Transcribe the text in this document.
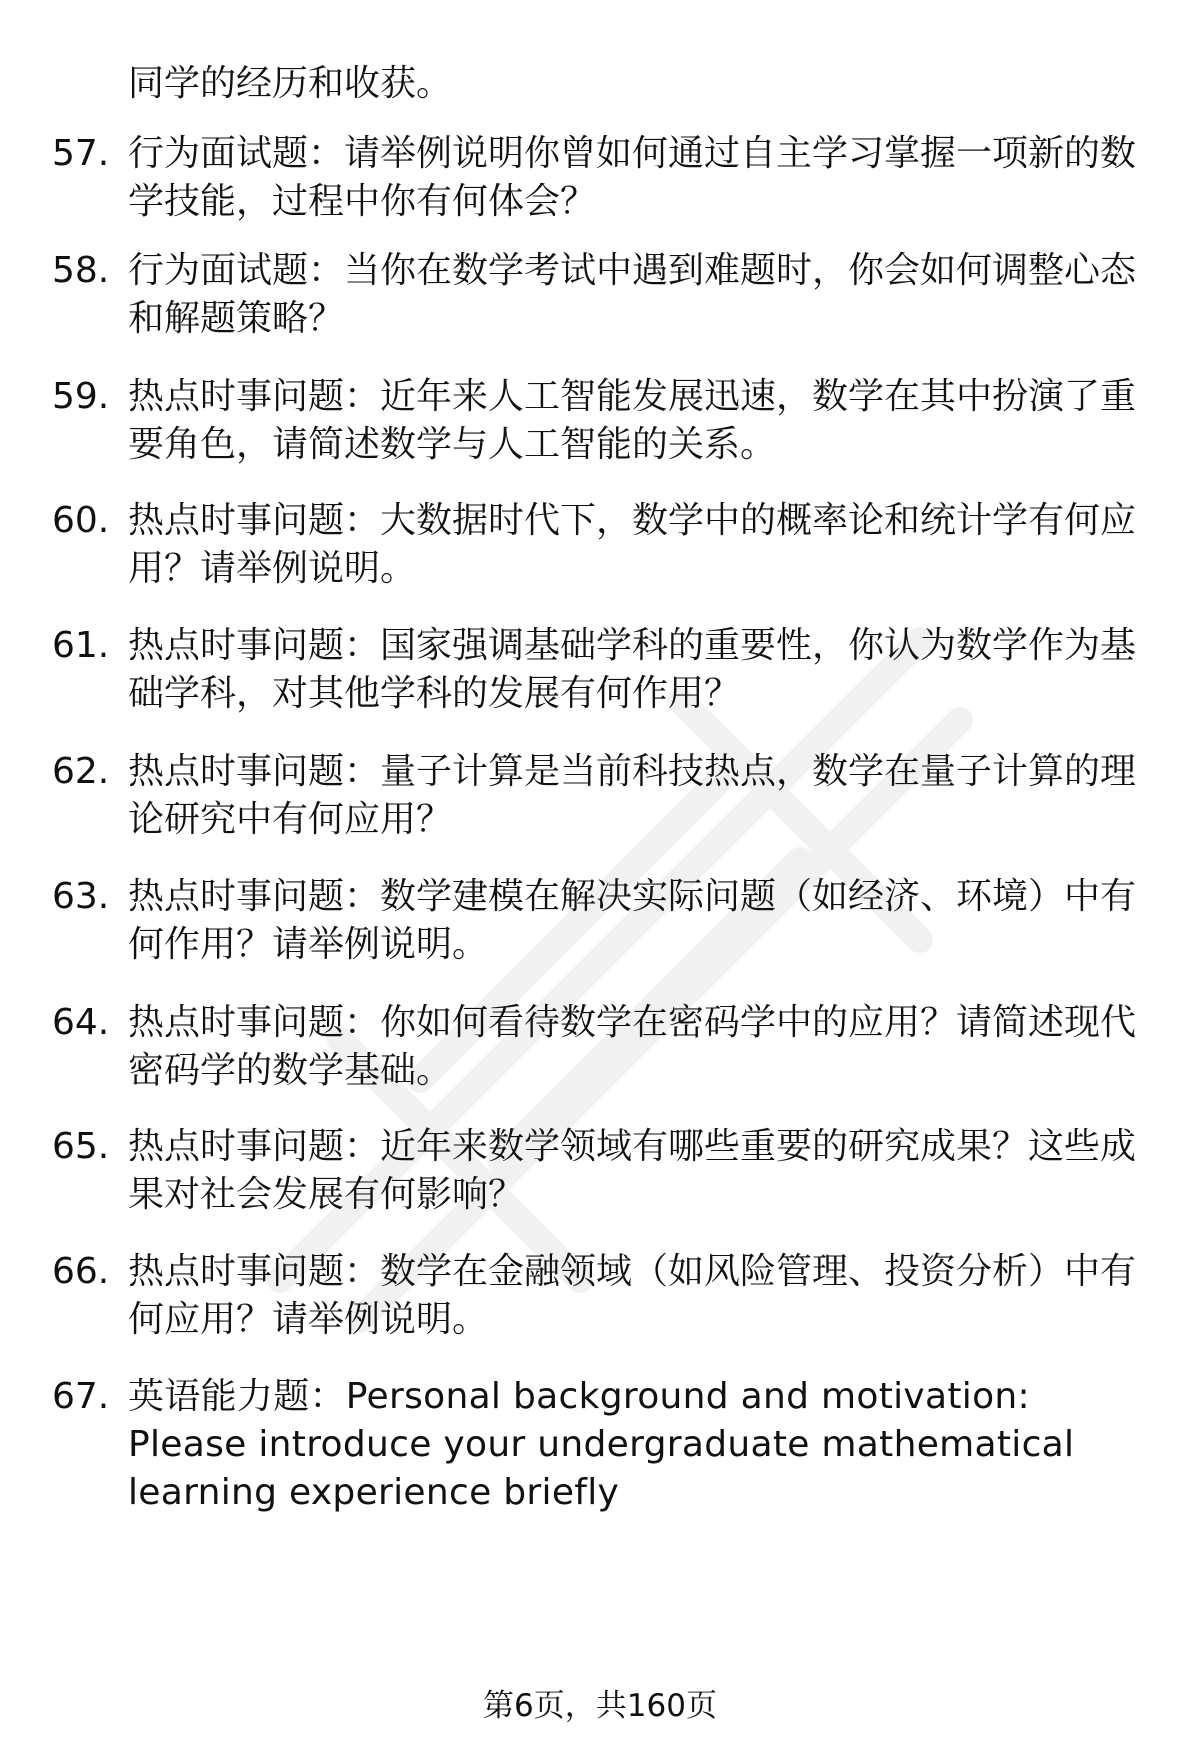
同学的经历和收获。

57. 行为面试题：请举例说明你曾如何通过自主学习掌握一项新的数学技能，过程中你有何体会？

58. 行为面试题：当你在数学考试中遇到难题时，你会如何调整心态和解题策略？

59. 热点时事问题：近年来人工智能发展迅速，数学在其中扮演了重要角色，请简述数学与人工智能的关系。

60. 热点时事问题：大数据时代下，数学中的概率论和统计学有何应用？请举例说明。

61. 热点时事问题：国家强调基础学科的重要性，你认为数学作为基础学科，对其他学科的发展有何作用？

62. 热点时事问题：量子计算是当前科技热点，数学在量子计算的理论研究中有何应用？

63. 热点时事问题：数学建模在解决实际问题（如经济、环境）中有何作用？请举例说明。

64. 热点时事问题：你如何看待数学在密码学中的应用？请简述现代密码学的数学基础。

65. 热点时事问题：近年来数学领域有哪些重要的研究成果？这些成果对社会发展有何影响？

66. 热点时事问题：数学在金融领域（如风险管理、投资分析）中有何应用？请举例说明。

67. 英语能力题：Personal background and motivation: Please introduce your undergraduate mathematical learning experience briefly

第6页，共160页
